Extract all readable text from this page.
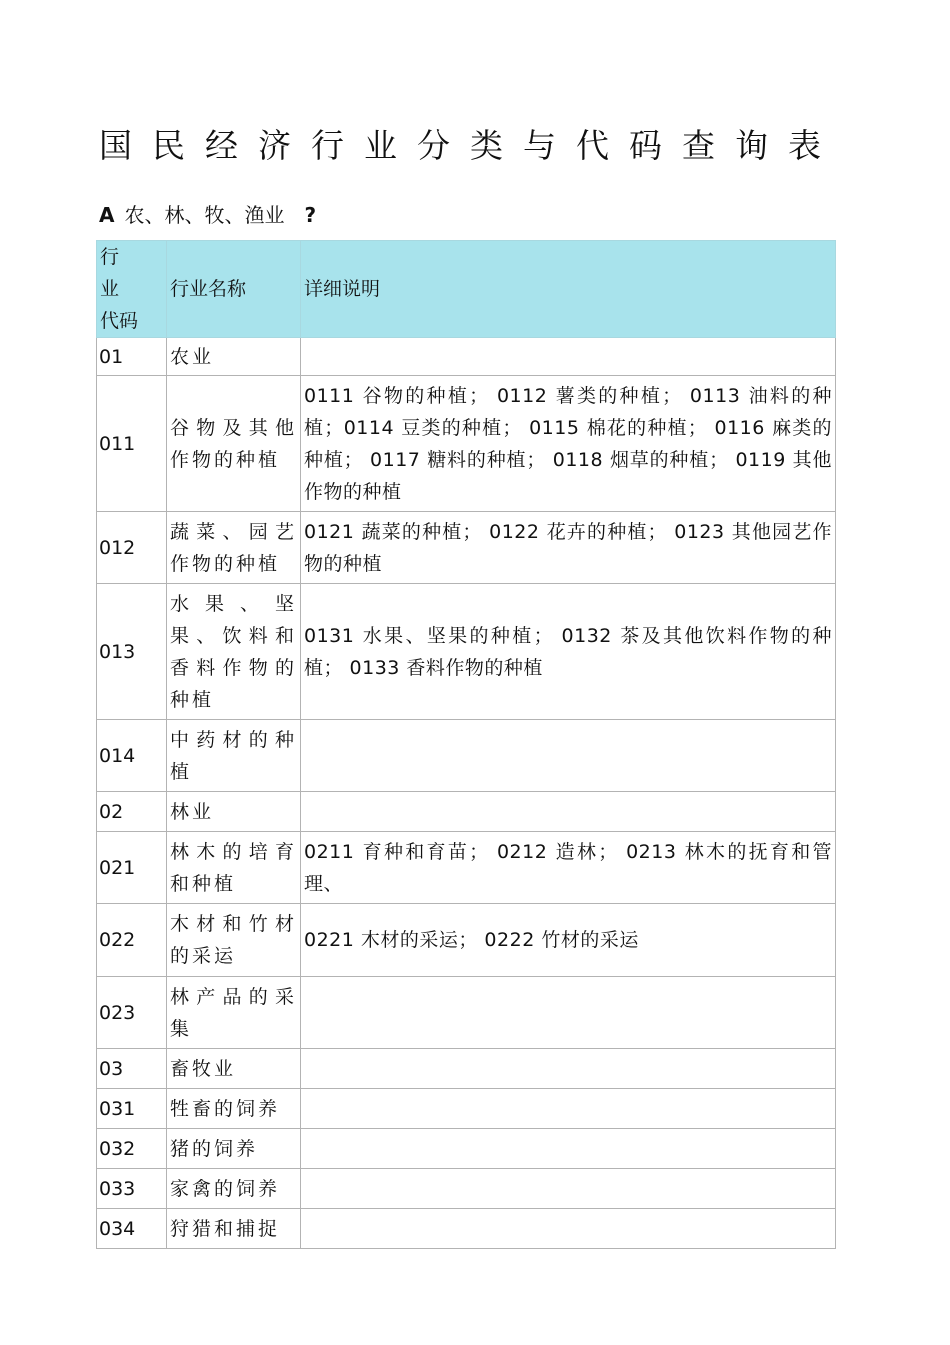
国民经济行业分类与代码查询表
A 农、林、牧、渔业 ?
行 业
代码	行业名称	详细说明
01	农业	
011	谷物及其他作物的种植	0111 谷物的种植； 0112 薯类的种植； 0113 油料的种植；0114 豆类的种植； 0115 棉花的种植； 0116 麻类的种植； 0117 糖料的种植； 0118 烟草的种植； 0119 其他作物的种植
012	蔬菜、园艺作物的种植	0121 蔬菜的种植； 0122 花卉的种植； 0123 其他园艺作物的种植
013	水果、坚果、饮料和香料作物的种植	0131 水果、坚果的种植； 0132 茶及其他饮料作物的种植； 0133 香料作物的种植
014	中药材的种植	
02	林业	
021	林木的培育和种植	0211 育种和育苗； 0212 造林； 0213 林木的抚育和管理、
022	木材和竹材的采运	0221 木材的采运； 0222 竹材的采运
023	林产品的采集	
03	畜牧业	
031	牲畜的饲养	
032	猪的饲养	
033	家禽的饲养	
034	狩猎和捕捉	
